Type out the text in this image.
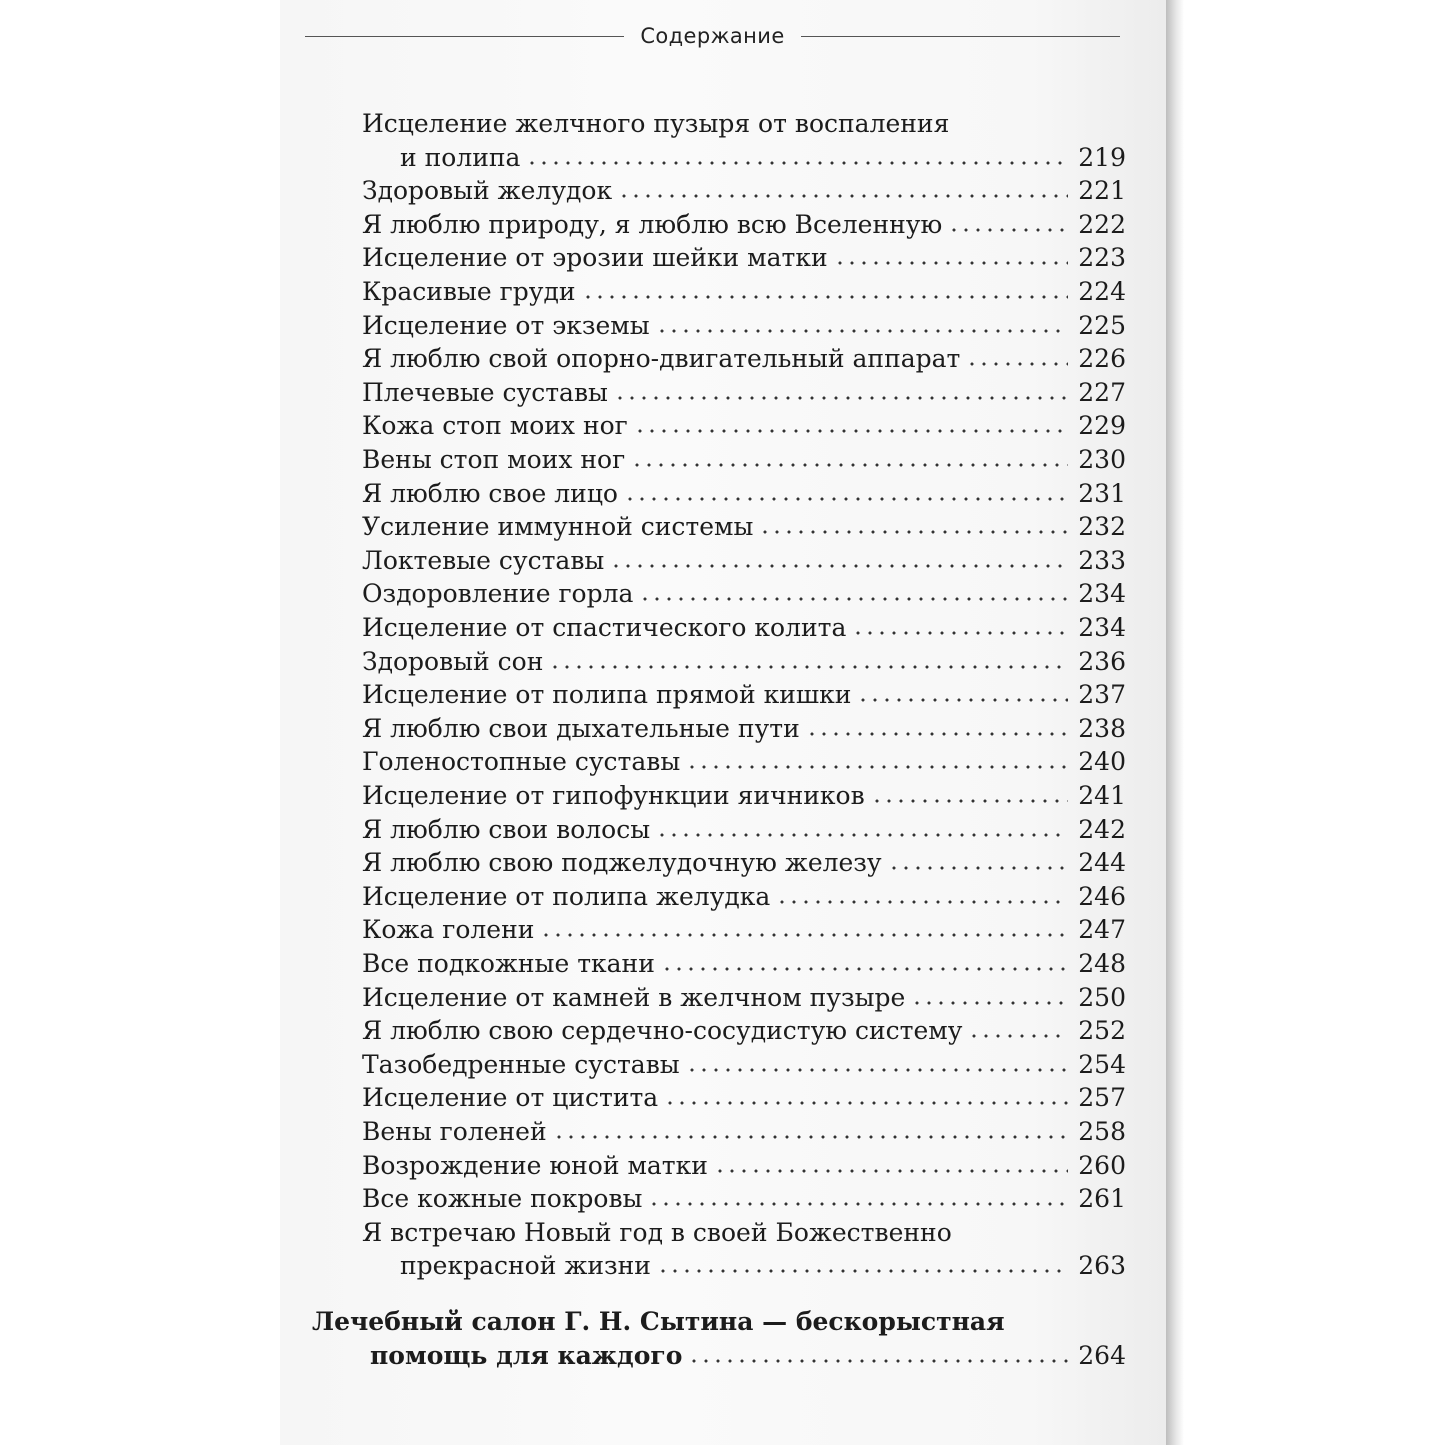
Содержание
Исцеление желчного пузыря от воспаления
и полипа	219
Здоровый желудок	221
Я люблю природу, я люблю всю Вселенную	222
Исцеление от эрозии шейки матки	223
Красивые груди	224
Исцеление от экземы	225
Я люблю свой опорно-двигательный аппарат	226
Плечевые суставы	227
Кожа стоп моих ног	229
Вены стоп моих ног	230
Я люблю свое лицо	231
Усиление иммунной системы	232
Локтевые суставы	233
Оздоровление горла	234
Исцеление от спастического колита	234
Здоровый сон	236
Исцеление от полипа прямой кишки	237
Я люблю свои дыхательные пути	238
Голеностопные суставы	240
Исцеление от гипофункции яичников	241
Я люблю свои волосы	242
Я люблю свою поджелудочную железу	244
Исцеление от полипа желудка	246
Кожа голени	247
Все подкожные ткани	248
Исцеление от камней в желчном пузыре	250
Я люблю свою сердечно-сосудистую систему	252
Тазобедренные суставы	254
Исцеление от цистита	257
Вены голеней	258
Возрождение юной матки	260
Все кожные покровы	261
Я встречаю Новый год в своей Божественно
прекрасной жизни	263
Лечебный салон Г. Н. Сытина — бескорыстная
помощь для каждого	264
